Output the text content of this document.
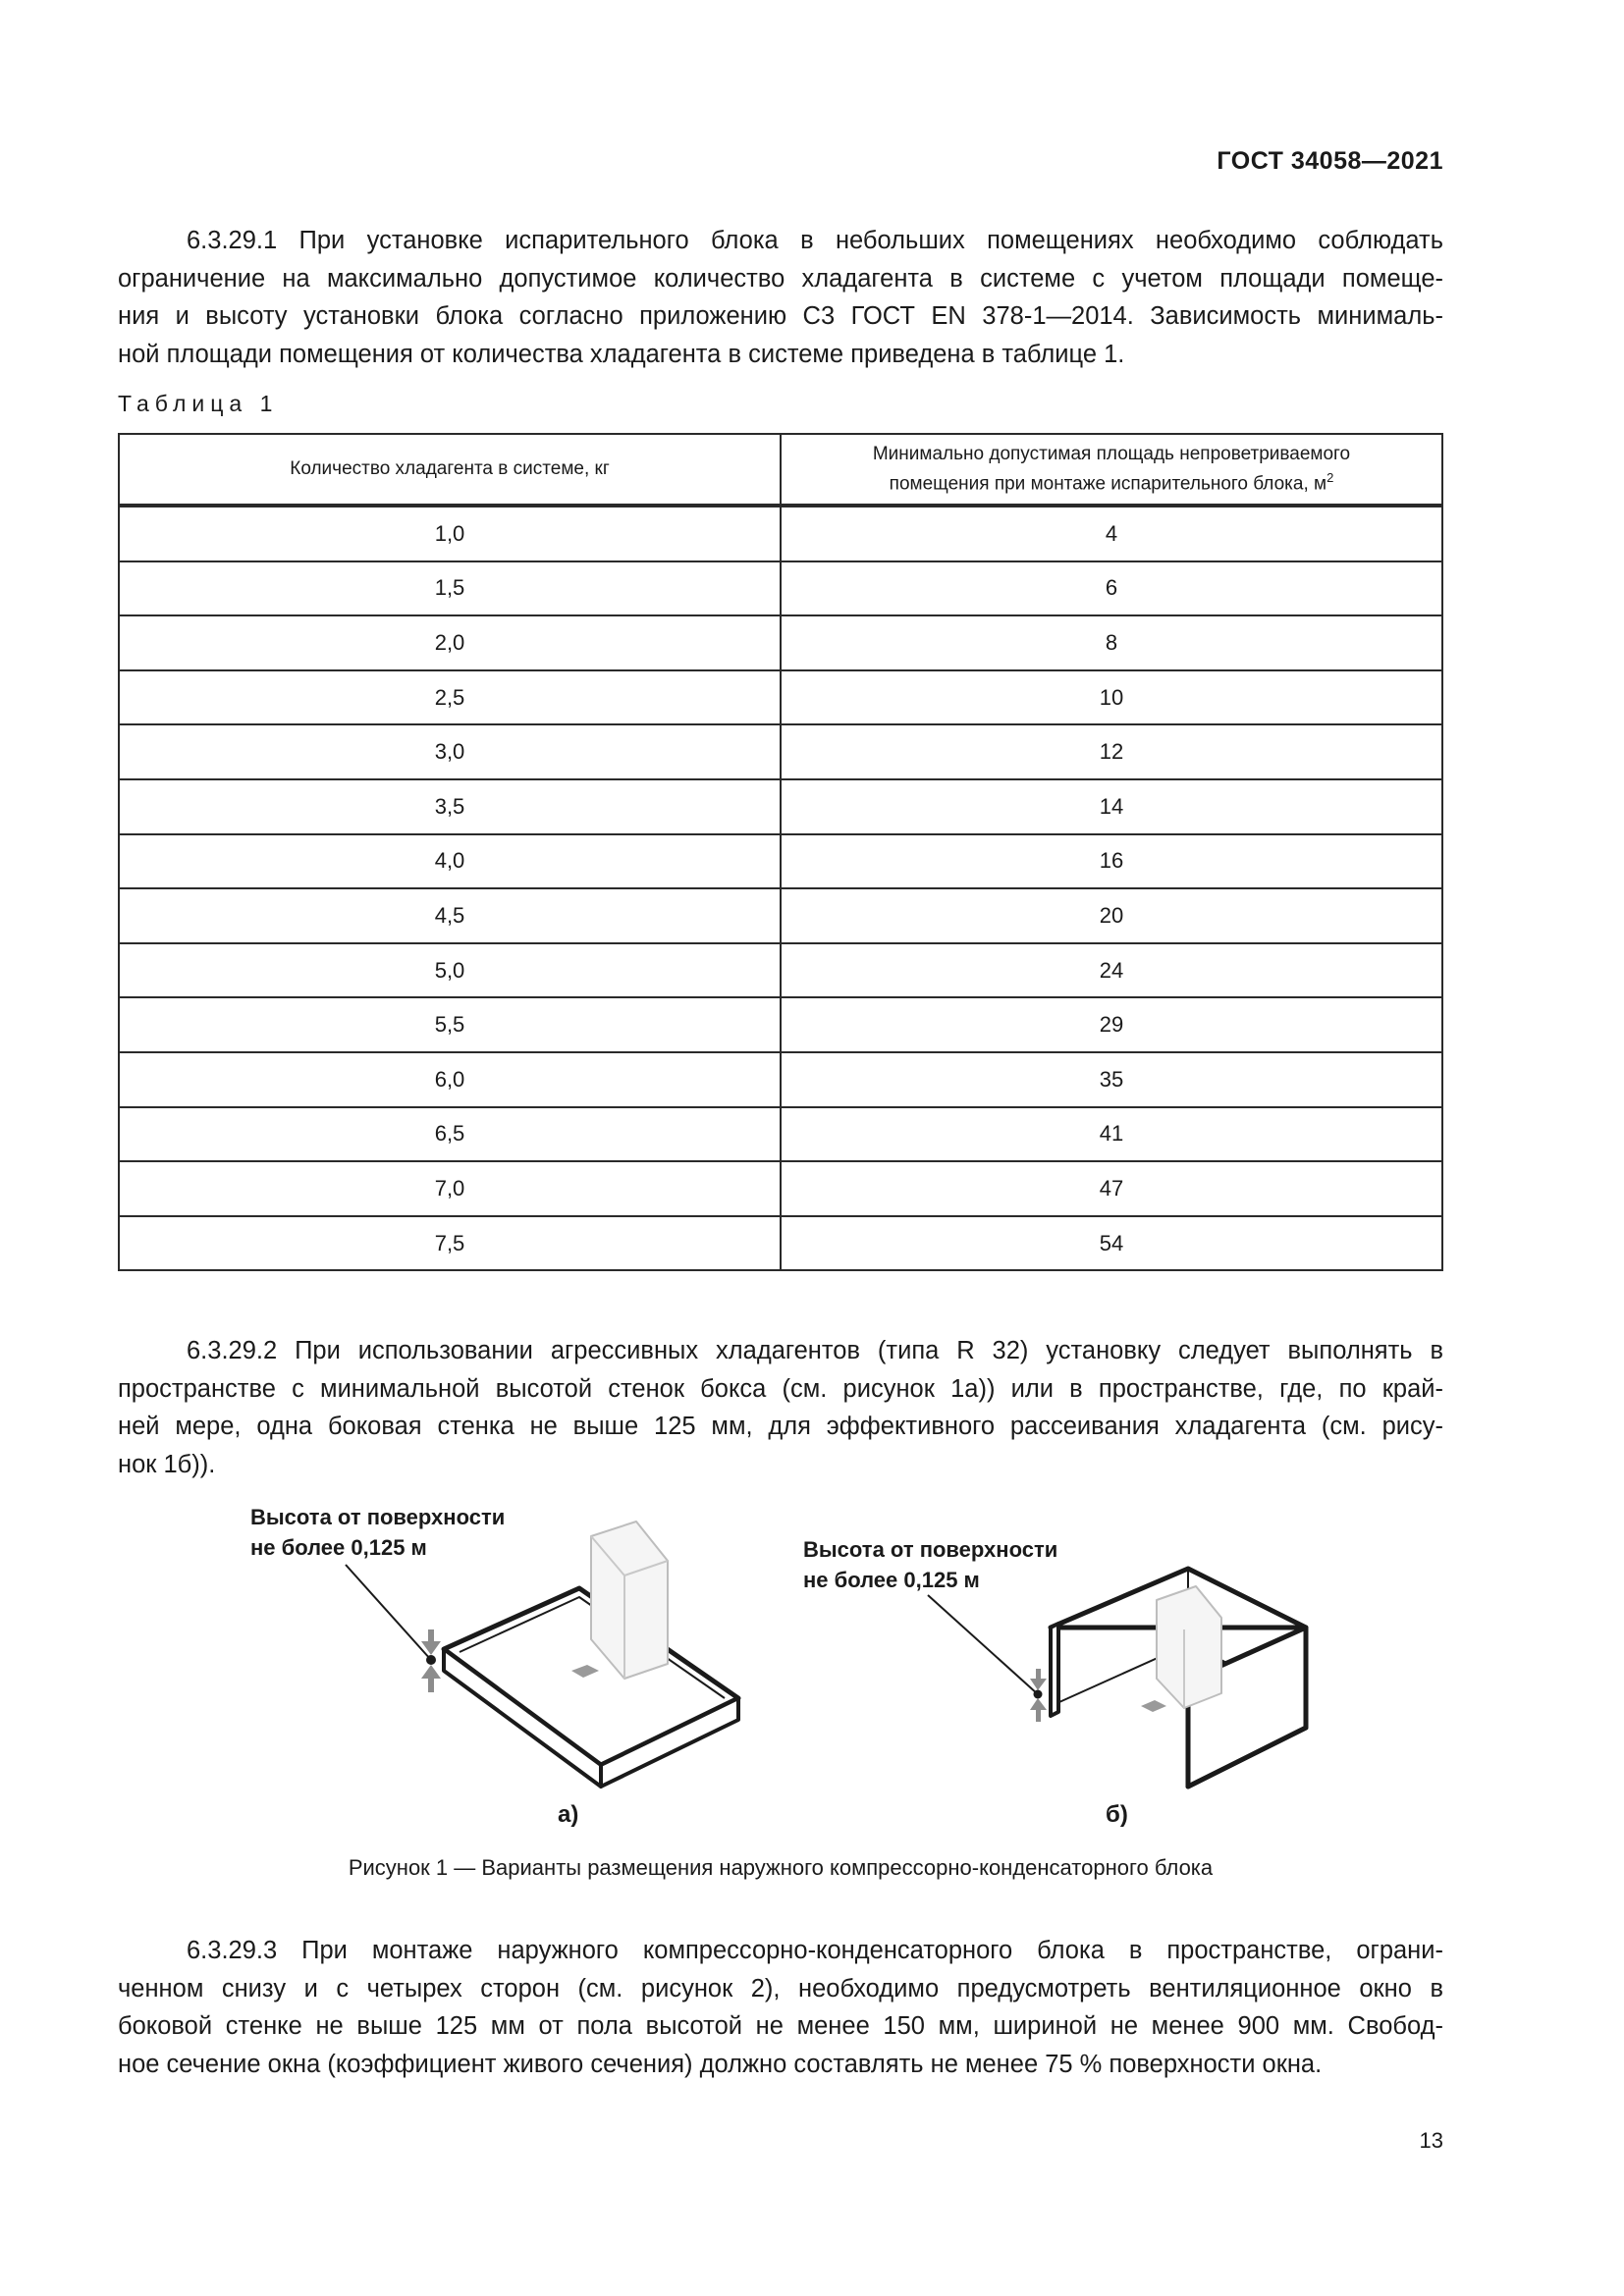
ГОСТ 34058—2021
6.3.29.1 При установке испарительного блока в небольших помещениях необходимо соблюдать
ограничение на максимально допустимое количество хладагента в системе с учетом площади помеще-
ния и высоту установки блока согласно приложению С3 ГОСТ EN 378-1—2014. Зависимость минималь-
ной площади помещения от количества хладагента в системе приведена в таблице 1.
Таблица 1
Количество хладагента в системе, кг	Минимально допустимая площадь непроветриваемого
помещения при монтаже испарительного блока, $м^2$
1,0	4
1,5	6
2,0	8
2,5	10
3,0	12
3,5	14
4,0	16
4,5	20
5,0	24
5,5	29
6,0	35
6,5	41
7,0	47
7,5	54
6.3.29.2 При использовании агрессивных хладагентов (типа R 32) установку следует выполнять в
пространстве с минимальной высотой стенок бокса (см. рисунок 1а)) или в пространстве, где, по край-
ней мере, одна боковая стенка не выше 125 мм, для эффективного рассеивания хладагента (см. рису-
нок 1б)).
Высота от поверхности
не более 0,125 м	Высота от поверхности
не более 0,125 м
а)	б)
Рисунок 1 — Варианты размещения наружного компрессорно-конденсаторного блока
6.3.29.3 При монтаже наружного компрессорно-конденсаторного блока в пространстве, ограни-
ченном снизу и с четырех сторон (см. рисунок 2), необходимо предусмотреть вентиляционное окно в
боковой стенке не выше 125 мм от пола высотой не менее 150 мм, шириной не менее 900 мм. Свобод-
ное сечение окна (коэффициент живого сечения) должно составлять не менее 75 % поверхности окна.
13
